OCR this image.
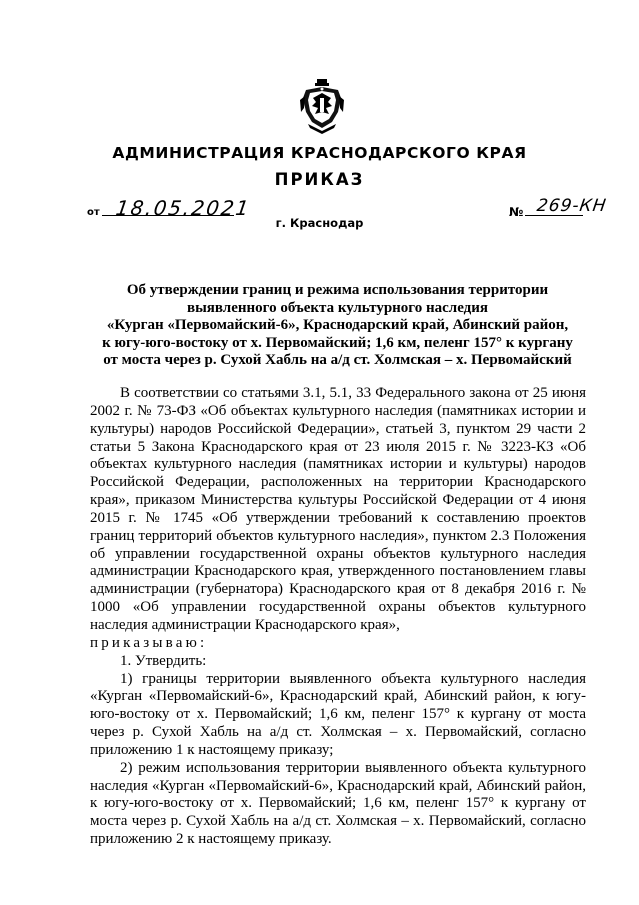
АДМИНИСТРАЦИЯ КРАСНОДАРСКОГО КРАЯ
ПРИКАЗ
от 18.05.2021	№ 269-КН
г. Краснодар
Об утверждении границ и режима использования территории
выявленного объекта культурного наследия
«Курган «Первомайский-6», Краснодарский край, Абинский район,
к югу-юго-востоку от х. Первомайский; 1,6 км, пеленг 157° к кургану
от моста через р. Сухой Хабль на а/д ст. Холмская – х. Первомайский

В соответствии со статьями 3.1, 5.1, 33 Федерального закона от 25 июня 2002 г. № 73-ФЗ «Об объектах культурного наследия (памятниках истории и культуры) народов Российской Федерации», статьей 3, пунктом 29 части 2 статьи 5 Закона Краснодарского края от 23 июля 2015 г. № 3223-КЗ «Об объектах культурного наследия (памятниках истории и культуры) народов Российской Федерации, расположенных на территории Краснодарского края», приказом Министерства культуры Российской Федерации от 4 июня 2015 г. № 1745 «Об утверждении требований к составлению проектов границ территорий объектов культурного наследия», пунктом 2.3 Положения об управлении государственной охраны объектов культурного наследия администрации Краснодарского края, утвержденного постановлением главы администрации (губернатора) Краснодарского края от 8 декабря 2016 г. № 1000 «Об управлении государственной охраны объектов культурного наследия администрации Краснодарского края»,

приказываю:

1. Утвердить:

1) границы территории выявленного объекта культурного наследия «Курган «Первомайский-6», Краснодарский край, Абинский район, к югу-юго-востоку от х. Первомайский; 1,6 км, пеленг 157° к кургану от моста через р. Сухой Хабль на а/д ст. Холмская – х. Первомайский, согласно приложению 1 к настоящему приказу;

2) режим использования территории выявленного объекта культурного наследия «Курган «Первомайский-6», Краснодарский край, Абинский район, к югу-юго-востоку от х. Первомайский; 1,6 км, пеленг 157° к кургану от моста через р. Сухой Хабль на а/д ст. Холмская – х. Первомайский, согласно приложению 2 к настоящему приказу.
